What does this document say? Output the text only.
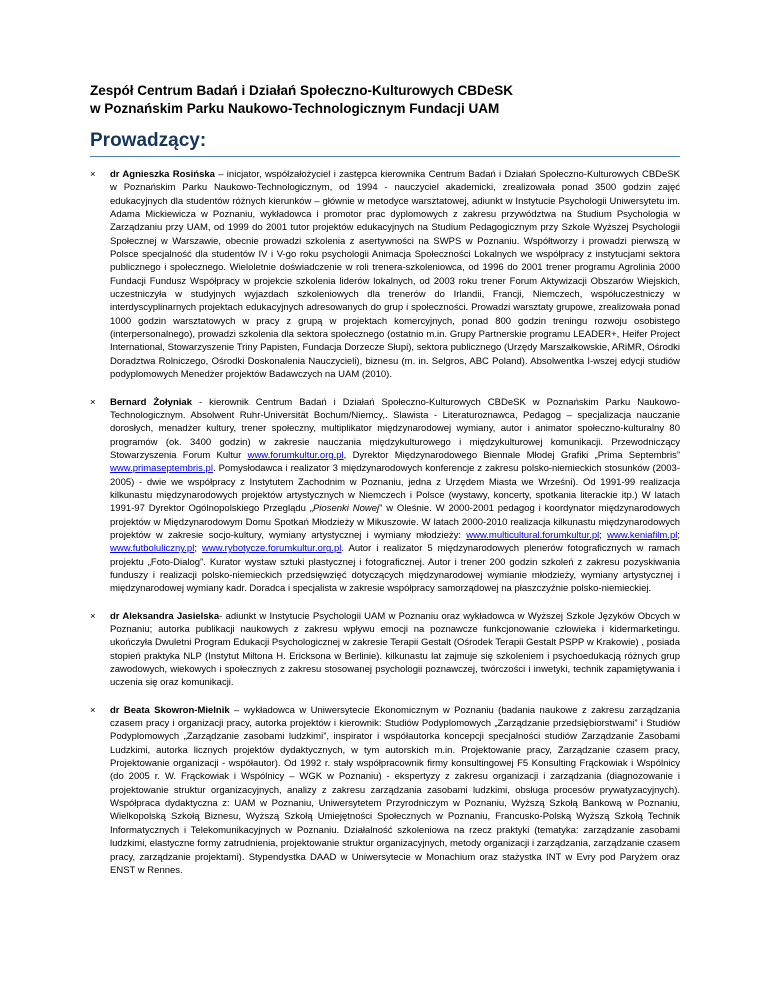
Zespół Centrum Badań i Działań Społeczno-Kulturowych CBDeSK
w Poznańskim Parku Naukowo-Technologicznym Fundacji UAM
Prowadzący:
×	dr Agnieszka Rosińska – inicjator, współzałożyciel i zastępca kierownika Centrum Badań i Działań Społeczno-Kulturowych CBDeSK w Poznańskim Parku Naukowo-Technologicznym, od 1994 - nauczyciel akademicki, zrealizowała ponad 3500 godzin zajęć edukacyjnych dla studentów różnych kierunków – głównie w metodyce warsztatowej, adiunkt w Instytucie Psychologii Uniwersytetu im. Adama Mickiewicza w Poznaniu, wykładowca i promotor prac dyplomowych z zakresu przywództwa na Studium Psychologia w Zarządzaniu przy UAM, od 1999 do 2001 tutor projektów edukacyjnych na Studium Pedagogicznym przy Szkole Wyższej Psychologii Społecznej w Warszawie, obecnie prowadzi szkolenia z asertywności na SWPS w Poznaniu. Współtworzy i prowadzi pierwszą w Polsce specjalność dla studentów IV i V-go roku psychologii Animacja Społeczności Lokalnych we współpracy z instytucjami sektora publicznego i społecznego. Wieloletnie doświadczenie w roli trenera-szkoleniowca, od 1996 do 2001 trener programu Agrolinia 2000 Fundacji Fundusz Współpracy w projekcie szkolenia liderów lokalnych, od 2003 roku trener Forum Aktywizacji Obszarów Wiejskich, uczestniczyła w studyjnych wyjazdach szkoleniowych dla trenerów do Irlandii, Francji, Niemczech, współuczestniczy w interdyscyplinarnych projektach edukacyjnych adresowanych do grup i społeczności. Prowadzi warsztaty grupowe, zrealizowała ponad 1000 godzin warsztatowych w pracy z grupą w projektach komercyjnych, ponad 800 godzin treningu rozwoju osobistego (interpersonalnego), prowadzi szkolenia dla sektora społecznego (ostatnio m.in. Grupy Partnerskie programu LEADER+, Heifer Project International, Stowarzyszenie Triny Papisten, Fundacja Dorzecze Słupi), sektora publicznego (Urzędy Marszałkowskie, ARiMR, Ośrodki Doradztwa Rolniczego, Ośrodki Doskonalenia Nauczycieli), biznesu (m. in. Selgros, ABC Poland). Absolwentka I-wszej edycji studiów podyplomowych Menedżer projektów Badawczych na UAM (2010).
×	Bernard Żołyniak - kierownik Centrum Badań i Działań Społeczno-Kulturowych CBDeSK w Poznańskim Parku Naukowo-Technologicznym. Absolwent Ruhr-Universität Bochum/Niemcy,. Slawista - Literaturoznawca, Pedagog – specjalizacja nauczanie dorosłych, menadżer kultury, trener społeczny, multiplikator międzynarodowej wymiany, autor i animator społeczno-kulturalny 80 programów (ok. 3400 godzin) w zakresie nauczania międzykulturowego i międzykulturowej komunikacji. Przewodniczący Stowarzyszenia Forum Kultur www.forumkultur.org.pl, Dyrektor Międzynarodowego Biennale Młodej Grafiki „Prima Septembris” www.primaseptembris.pl. Pomysłodawca i realizator 3 międzynarodowych konferencje z zakresu polsko-niemieckich stosunków (2003-2005) - dwie we współpracy z Instytutem Zachodnim w Poznaniu, jedna z Urzędem Miasta we Wrześni). Od 1991-99 realizacja kilkunastu międzynarodowych projektów artystycznych w Niemczech i Polsce (wystawy, koncerty, spotkania literackie itp.) W latach 1991-97 Dyrektor Ogólnopolskiego Przeglądu „Piosenki Nowej” w Oleśnie. W 2000-2001 pedagog i koordynator międzynarodowych projektów w Międzynarodowym Domu Spotkań Młodzieży w Mikuszowie. W latach 2000-2010 realizacja kilkunastu międzynarodowych projektów w zakresie socjo-kultury, wymiany artystycznej i wymiany młodzieży: www.multicultural.forumkultur.pl; www.keniafilm.pl; www.futboluliczny.pl; www.rybotycze.forumkultur.org.pl. Autor i realizator 5 międzynarodowych plenerów fotograficznych w ramach projektu „Foto-Dialog”. Kurator wystaw sztuki plastycznej i fotograficznej. Autor i trener 200 godzin szkoleń z zakresu pozyskiwania funduszy i realizacji polsko-niemieckich przedsięwzięć dotyczących międzynarodowej wymianie młodzieży, wymiany artystycznej i międzynarodowej wymiany kadr. Doradca i specjalista w zakresie współpracy samorządowej na płaszczyźnie polsko-niemieckiej.
×	dr Aleksandra Jasielska- adiunkt w Instytucie Psychologii UAM w Poznaniu oraz wykładowca w Wyższej Szkole Języków Obcych w Poznaniu; autorka publikacji naukowych z zakresu wpływu emocji na poznawcze funkcjonowanie człowieka i kidermarketingu. ukończyła Dwuletni Program Edukacji Psychologicznej w zakresie Terapii Gestalt (Ośrodek Terapii Gestalt PSPP w Krakowie) , posiada stopień praktyka NLP (Instytut Miltona H. Ericksona w Berlinie). kilkunastu lat zajmuje się szkoleniem i psychoedukacją różnych grup zawodowych, wiekowych i społecznych z zakresu stosowanej psychologii poznawczej, twórczości i inwetyki, technik zapamiętywania i uczenia się oraz komunikacji.
×	dr Beata Skowron-Mielnik – wykładowca w Uniwersytecie Ekonomicznym w Poznaniu (badania naukowe z zakresu zarządzania czasem pracy i organizacji pracy, autorka projektów i kierownik: Studiów Podyplomowych „Zarządzanie przedsiębiorstwami” i Studiów Podyplomowych „Zarządzanie zasobami ludzkimi”, inspirator i współautorka koncepcji specjalności studiów Zarządzanie Zasobami Ludzkimi, autorka licznych projektów dydaktycznych, w tym autorskich m.in. Projektowanie pracy, Zarządzanie czasem pracy, Projektowanie organizacji - współautor). Od 1992 r. stały współpracownik firmy konsultingowej F5 Konsulting Frąckowiak i Wspólnicy (do 2005 r. W. Frąckowiak i Wspólnicy – WGK w Poznaniu) - ekspertyzy z zakresu organizacji i zarządzania (diagnozowanie i projektowanie struktur organizacyjnych, analizy z zakresu zarządzania zasobami ludzkimi, obsługa procesów prywatyzacyjnych). Współpraca dydaktyczna z: UAM w Poznaniu, Uniwersytetem Przyrodniczym w Poznaniu, Wyższą Szkołą Bankową w Poznaniu, Wielkopolską Szkołą Biznesu, Wyższą Szkołą Umiejętności Społecznych w Poznaniu, Francusko-Polską Wyższą Szkołą Technik Informatycznych i Telekomunikacyjnych w Poznaniu. Działalność szkoleniowa na rzecz praktyki (tematyka: zarządzanie zasobami ludzkimi, elastyczne formy zatrudnienia, projektowanie struktur organizacyjnych, metody organizacji i zarządzania, zarządzanie czasem pracy, zarządzanie projektami). Stypendystka DAAD w Uniwersytecie w Monachium oraz stażystka INT w Evry pod Paryżem oraz ENST w Rennes.
